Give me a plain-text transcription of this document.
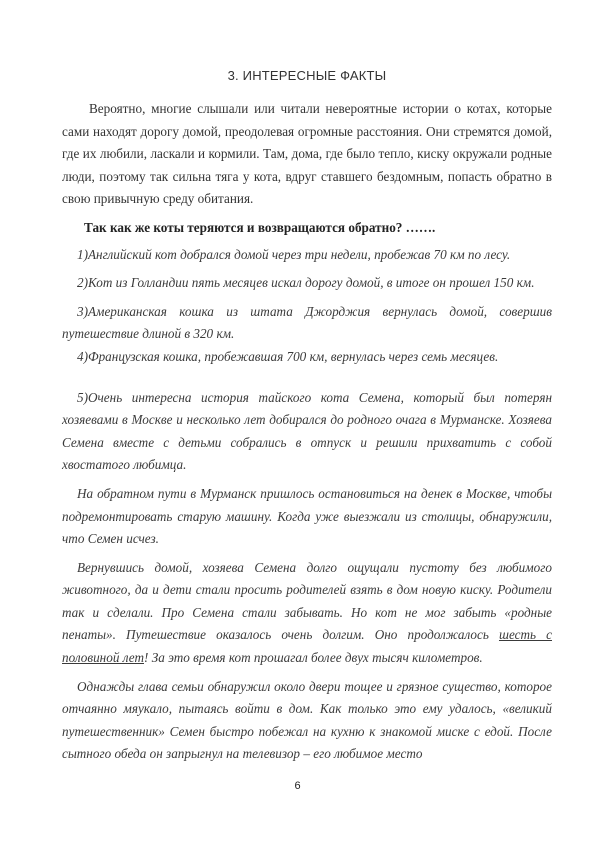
3. ИНТЕРЕСНЫЕ ФАКТЫ

Вероятно, многие слышали или читали невероятные истории о котах, которые сами находят дорогу домой, преодолевая огромные расстояния. Они стремятся домой, где их любили, ласкали и кормили. Там, дома, где было тепло, киску окружали родные люди, поэтому так сильна тяга у кота, вдруг ставшего бездомным, попасть обратно в свою привычную среду обитания.

Так как же коты теряются и возвращаются обратно? …….

1)Английский кот добрался домой через три недели, пробежав 70 км по лесу.

2)Кот из Голландии пять месяцев искал дорогу домой, в итоге он прошел 150 км.

3)Американская кошка из штата Джорджия вернулась домой, совершив путешествие длиной в 320 км.

4)Французская кошка, пробежавшая 700 км, вернулась через семь месяцев.

5)Очень интересна история тайского кота Семена, который был потерян хозяевами в Москве и несколько лет добирался до родного очага в Мурманске. Хозяева Семена вместе с детьми собрались в отпуск и решили прихватить с собой хвостатого любимца.

На обратном пути в Мурманск пришлось остановиться на денек в Москве, чтобы подремонтировать старую машину. Когда уже выезжали из столицы, обнаружили, что Семен исчез.

Вернувшись домой, хозяева Семена долго ощущали пустоту без любимого животного, да и дети стали просить родителей взять в дом новую киску. Родители так и сделали. Про Семена стали забывать. Но кот не мог забыть «родные пенаты». Путешествие оказалось очень долгим. Оно продолжалось шесть с половиной лет! За это время кот прошагал более двух тысяч километров.

Однажды глава семьи обнаружил около двери тощее и грязное существо, которое отчаянно мяукало, пытаясь войти в дом. Как только это ему удалось, «великий путешественник» Семен быстро побежал на кухню к знакомой миске с едой. После сытного обеда он запрыгнул на телевизор – его любимое место

6
